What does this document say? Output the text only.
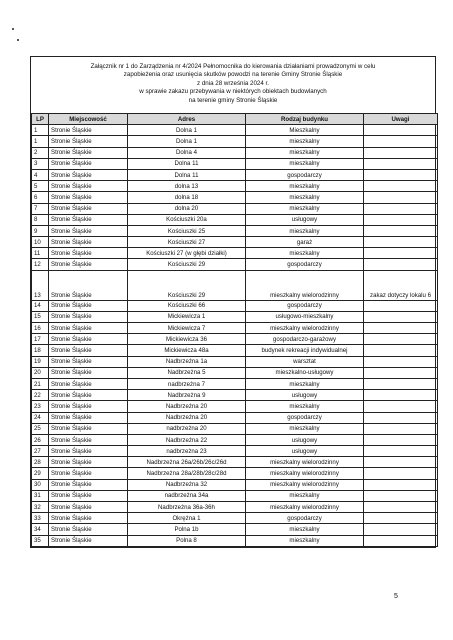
Załącznik nr 1 do Zarządzenia nr 4/2024 Pełnomocnika do kierowania działaniami prowadzonymi w celu
zapobieżenia oraz usunięcia skutków powodzi na terenie Gminy Stronie Śląskie
z dnia 28 września 2024 r.
w sprawie zakazu przebywania w niektórych obiektach budowlanych
na terenie gminy Stronie Śląskie
LP	Miejscowość	Adres	Rodzaj budynku	Uwagi
1	Stronie Śląskie	Dolna 1	Mieszkalny	
1	Stronie Śląskie	Dolna 1	mieszkalny	
2	Stronie Śląskie	Dolna 4	mieszkalny	
3	Stronie Śląskie	Dolna 11	mieszkalny	
4	Stronie Śląskie	Dolna 11	gospodarczy	
5	Stronie Śląskie	dolna 13	mieszkalny	
6	Stronie Śląskie	dolna 18	mieszkalny	
7	Stronie Śląskie	dolna 20	mieszkalny	
8	Stronie Śląskie	Kościuszki 20a	usługowy	
9	Stronie Śląskie	Kościuszki 25	mieszkalny	
10	Stronie Śląskie	Kościuszki 27	garaż	
11	Stronie Śląskie	Kościuszki 27 (w głębi działki)	mieszkalny	
12	Stronie Śląskie	Kościuszki 29	gospodarczy	
13	Stronie Śląskie	Kościuszki 29	mieszkalny wielorodzinny	zakaz dotyczy lokalu 6
14	Stronie Śląskie	Kościuszki 66	gospodarczy	
15	Stronie Śląskie	Mickiewicza 1	usługowo-mieszkalny	
16	Stronie Śląskie	Mickiewicza 7	mieszkalny wielorodzinny	
17	Stronie Śląskie	Mickiewicza 36	gospodarczo-garażowy	
18	Stronie Śląskie	Mickiewicza 48a	budynek rekreacji indywidualnej	
19	Stronie Śląskie	Nadbrzeżna 1a	warsztat	
20	Stronie Śląskie	Nadbrzeżna 5	mieszkalno-usługowy	
21	Stronie Śląskie	nadbrzeżna 7	mieszkalny	
22	Stronie Śląskie	Nadbrzeżna 9	usługowy	
23	Stronie Śląskie	Nadbrzeżna 20	mieszkalny	
24	Stronie Śląskie	Nadbrzeżna 20	gospodarczy	
25	Stronie Śląskie	nadbrzeżna 20	mieszkalny	
26	Stronie Śląskie	Nadbrzeżna 22	usługowy	
27	Stronie Śląskie	nadbrzeżna 23	usługowy	
28	Stronie Śląskie	Nadbrzeżna 26a/26b/26c/26d	mieszkalny wielorodzinny	
29	Stronie Śląskie	Nadbrzeżna 28a/28b/28c/28d	mieszkalny wielorodzinny	
30	Stronie Śląskie	Nadbrzeżna 32	mieszkalny wielorodzinny	
31	Stronie Śląskie	nadbrzeżna 34a	mieszkalny	
32	Stronie Śląskie	Nadbrzeżna 36a-36h	mieszkalny wielorodzinny	
33	Stronie Śląskie	Okrężna 1	gospodarczy	
34	Stronie Śląskie	Polna 1b	mieszkalny	
35	Stronie Śląskie	Polna 8	mieszkalny	
5
